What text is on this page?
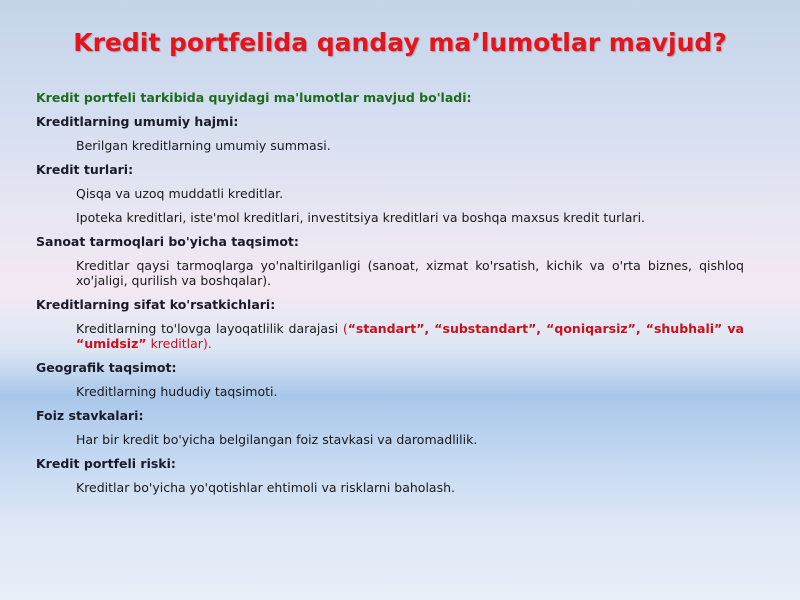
Kredit portfelida qanday maʼlumotlar mavjud?
Kredit portfeli tarkibida quyidagi ma'lumotlar mavjud bo'ladi:
Kreditlarning umumiy hajmi:
Berilgan kreditlarning umumiy summasi.
Kredit turlari:
Qisqa va uzoq muddatli kreditlar.
Ipoteka kreditlari, iste'mol kreditlari, investitsiya kreditlari va boshqa maxsus kredit turlari.
Sanoat tarmoqlari bo'yicha taqsimot:
Kreditlar qaysi tarmoqlarga yo'naltirilganligi (sanoat, xizmat ko'rsatish, kichik va o'rta biznes, qishloq xo'jaligi, qurilish va boshqalar).
Kreditlarning sifat ko'rsatkichlari:
Kreditlarning to'lovga layoqatlilik darajasi (“standart”, “substandart”, “qoniqarsiz”, “shubhali” va “umidsiz” kreditlar).
Geografik taqsimot:
Kreditlarning hududiy taqsimoti.
Foiz stavkalari:
Har bir kredit bo'yicha belgilangan foiz stavkasi va daromadlilik.
Kredit portfeli riski:
Kreditlar bo'yicha yo'qotishlar ehtimoli va risklarni baholash.
